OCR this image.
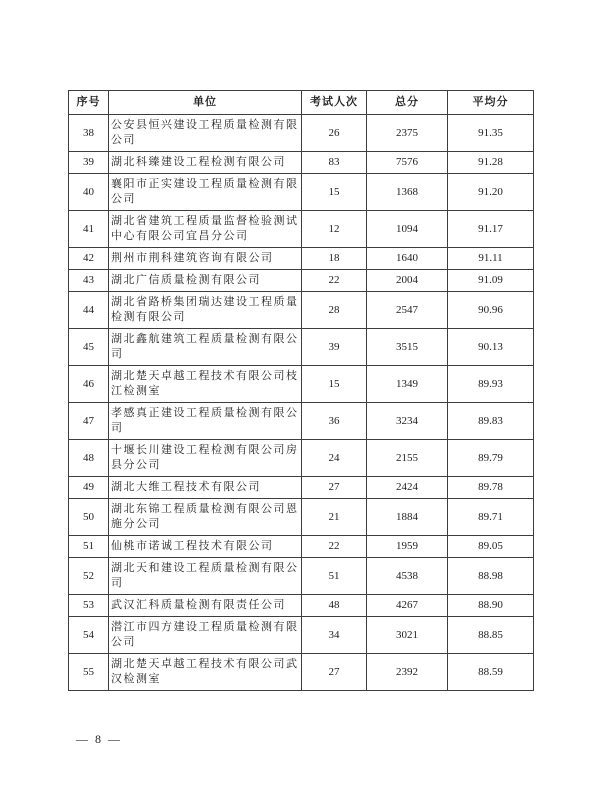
序号	单位	考试人次	总分	平均分
38	公安县恒兴建设工程质量检测有限公司	26	2375	91.35
39	湖北科臻建设工程检测有限公司	83	7576	91.28
40	襄阳市正实建设工程质量检测有限公司	15	1368	91.20
41	湖北省建筑工程质量监督检验测试中心有限公司宜昌分公司	12	1094	91.17
42	荆州市荆科建筑咨询有限公司	18	1640	91.11
43	湖北广信质量检测有限公司	22	2004	91.09
44	湖北省路桥集团瑞达建设工程质量检测有限公司	28	2547	90.96
45	湖北鑫航建筑工程质量检测有限公司	39	3515	90.13
46	湖北楚天卓越工程技术有限公司枝江检测室	15	1349	89.93
47	孝感真正建设工程质量检测有限公司	36	3234	89.83
48	十堰长川建设工程检测有限公司房县分公司	24	2155	89.79
49	湖北大维工程技术有限公司	27	2424	89.78
50	湖北东锦工程质量检测有限公司恩施分公司	21	1884	89.71
51	仙桃市诺诚工程技术有限公司	22	1959	89.05
52	湖北天和建设工程质量检测有限公司	51	4538	88.98
53	武汉汇科质量检测有限责任公司	48	4267	88.90
54	潜江市四方建设工程质量检测有限公司	34	3021	88.85
55	湖北楚天卓越工程技术有限公司武汉检测室	27	2392	88.59
— 8 —
